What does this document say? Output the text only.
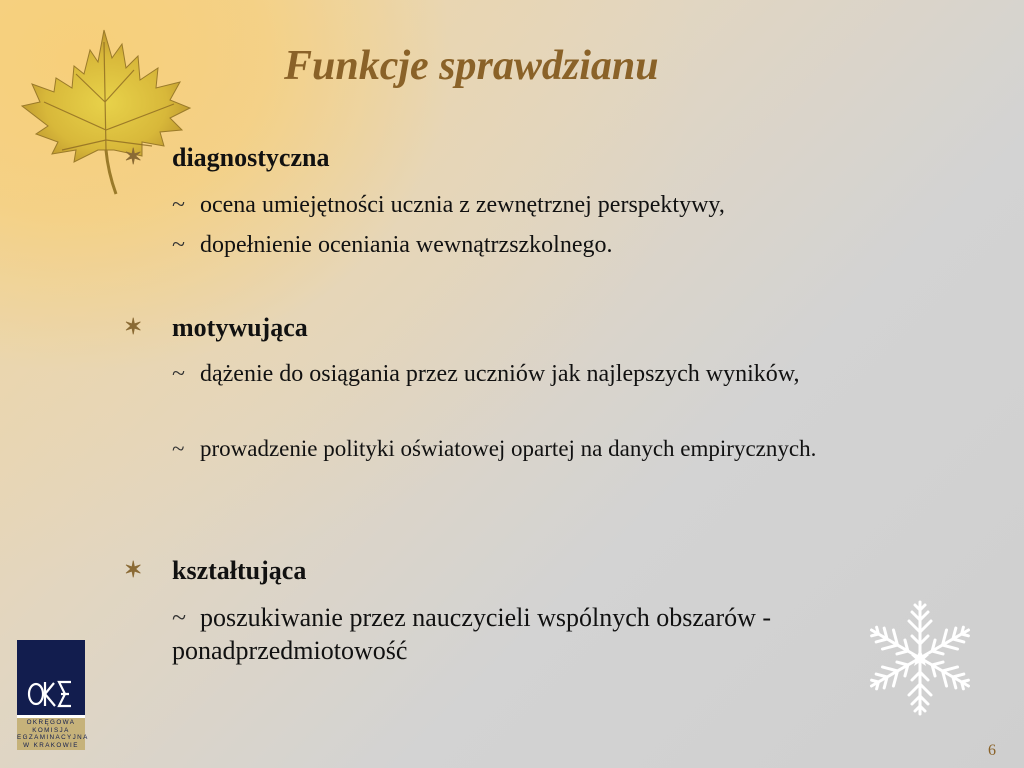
Funkcje sprawdzianu
✶ diagnostyczna
~ ocena umiejętności ucznia z zewnętrznej perspektywy,
~ dopełnienie oceniania wewnątrzszkolnego.
✶ motywująca
~ dążenie do osiągania przez uczniów jak najlepszych wyników,
~ prowadzenie polityki oświatowej opartej na danych empirycznych.
✶ kształtująca
~ poszukiwanie przez nauczycieli wspólnych obszarów - ponadprzedmiotowość
OKRĘGOWA
KOMISJA
EGZAMINACYJNA
W KRAKOWIE	6
